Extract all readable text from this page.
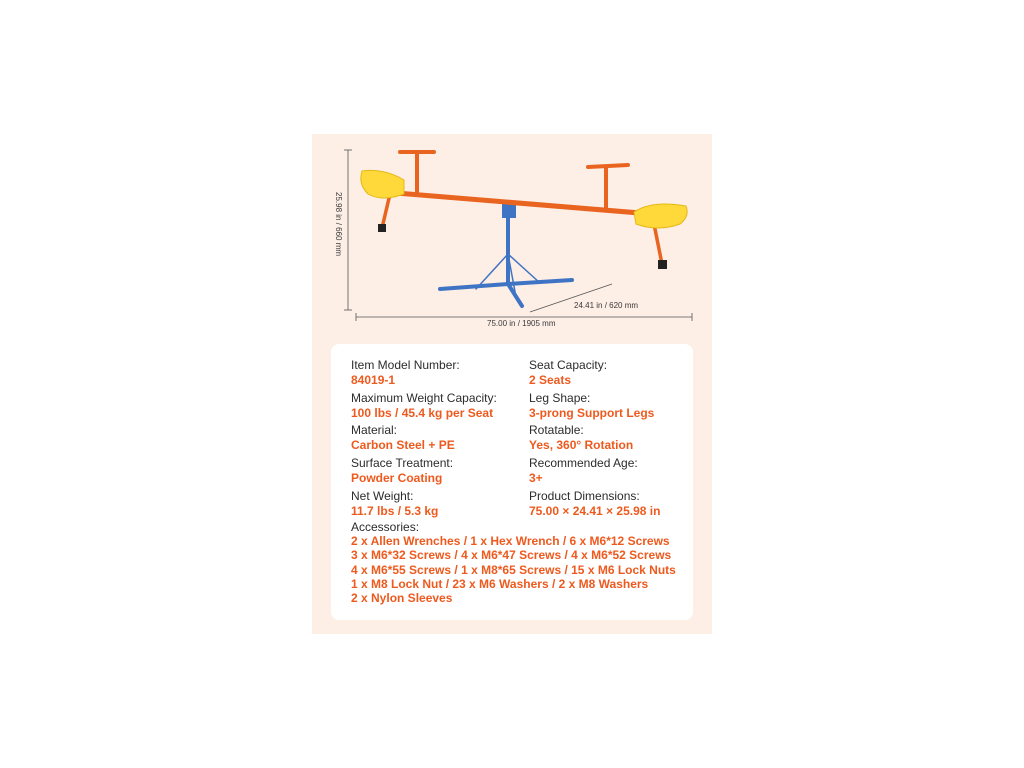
25.98 in / 660 mm
75.00 in / 1905 mm
24.41 in / 620 mm
Item Model Number:
84019-1
Maximum Weight Capacity:
100 lbs / 45.4 kg per Seat
Material:
Carbon Steel + PE
Surface Treatment:
Powder Coating
Net Weight:
11.7 lbs / 5.3 kg
Seat Capacity:
2 Seats
Leg Shape:
3-prong Support Legs
Rotatable:
Yes, 360° Rotation
Recommended Age:
3+
Product Dimensions:
75.00 × 24.41 × 25.98 in
Accessories:
2 x Allen Wrenches / 1 x Hex Wrench / 6 x M6*12 Screws
3 x M6*32 Screws / 4 x M6*47 Screws / 4 x M6*52 Screws
4 x M6*55 Screws / 1 x M8*65 Screws / 15 x M6 Lock Nuts
1 x M8 Lock Nut / 23 x M6 Washers / 2 x M8 Washers
2 x Nylon Sleeves
